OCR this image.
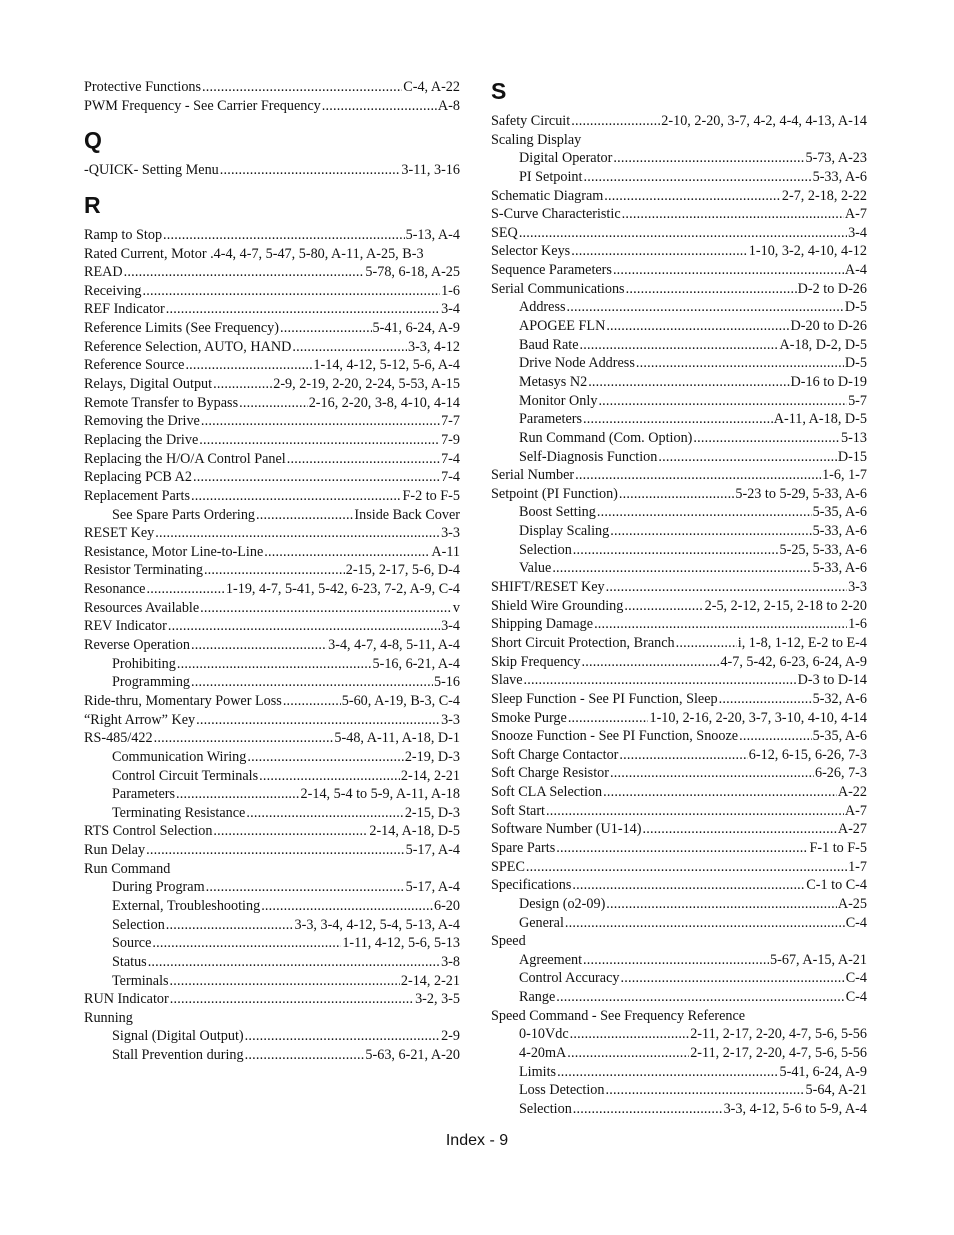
Protective Functions .....	C-4, A-22
PWM Frequency - See Carrier Frequency .....	A-8
Q
-QUICK- Setting Menu .....	3-11, 3-16
R
Ramp to Stop .....	5-13, A-4
Rated Current, Motor .4-4, 4-7, 5-47, 5-80, A-11, A-25, B-3
READ .....	5-78, 6-18, A-25
Receiving .....	1-6
REF Indicator .....	3-4
Reference Limits (See Frequency) .....	5-41, 6-24, A-9
Reference Selection, AUTO, HAND .....	3-3, 4-12
Reference Source .....	1-14, 4-12, 5-12, 5-6, A-4
Relays, Digital Output .....	2-9, 2-19, 2-20, 2-24, 5-53, A-15
Remote Transfer to Bypass .....	2-16, 2-20, 3-8, 4-10, 4-14
Removing the Drive .....	7-7
Replacing the Drive .....	7-9
Replacing the H/O/A Control Panel .....	7-4
Replacing PCB A2 .....	7-4
Replacement Parts .....	F-2 to F-5
See Spare Parts Ordering .....	Inside Back Cover
RESET Key .....	3-3
Resistance, Motor Line-to-Line .....	A-11
Resistor Terminating .....	2-15, 2-17, 5-6, D-4
Resonance .....	1-19, 4-7, 5-41, 5-42, 6-23, 7-2, A-9, C-4
Resources Available .....	v
REV Indicator .....	3-4
Reverse Operation .....	3-4, 4-7, 4-8, 5-11, A-4
Prohibiting .....	5-16, 6-21, A-4
Programming .....	5-16
Ride-thru, Momentary Power Loss .....	5-60, A-19, B-3, C-4
“Right Arrow” Key .....	3-3
RS-485/422 .....	5-48, A-11, A-18, D-1
Communication Wiring .....	2-19, D-3
Control Circuit Terminals .....	2-14, 2-21
Parameters .....	2-14, 5-4 to 5-9, A-11, A-18
Terminating Resistance .....	2-15, D-3
RTS Control Selection .....	2-14, A-18, D-5
Run Delay .....	5-17, A-4
Run Command
During Program .....	5-17, A-4
External, Troubleshooting .....	6-20
Selection .....	3-3, 3-4, 4-12, 5-4, 5-13, A-4
Source .....	1-11, 4-12, 5-6, 5-13
Status .....	3-8
Terminals .....	2-14, 2-21
RUN Indicator .....	3-2, 3-5
Running
Signal (Digital Output) .....	2-9
Stall Prevention during .....	5-63, 6-21, A-20
S
Safety Circuit .....	2-10, 2-20, 3-7, 4-2, 4-4, 4-13, A-14
Scaling Display
Digital Operator .....	5-73, A-23
PI Setpoint .....	5-33, A-6
Schematic Diagram .....	2-7, 2-18, 2-22
S-Curve Characteristic .....	A-7
SEQ .....	3-4
Selector Keys .....	1-10, 3-2, 4-10, 4-12
Sequence Parameters .....	A-4
Serial Communications .....	D-2 to D-26
Address .....	D-5
APOGEE FLN .....	D-20 to D-26
Baud Rate .....	A-18, D-2, D-5
Drive Node Address .....	D-5
Metasys N2 .....	D-16 to D-19
Monitor Only .....	5-7
Parameters .....	A-11, A-18, D-5
Run Command (Com. Option) .....	5-13
Self-Diagnosis Function .....	D-15
Serial Number .....	1-6, 1-7
Setpoint (PI Function) .....	5-23 to 5-29, 5-33, A-6
Boost Setting .....	5-35, A-6
Display Scaling .....	5-33, A-6
Selection .....	5-25, 5-33, A-6
Value .....	5-33, A-6
SHIFT/RESET Key .....	3-3
Shield Wire Grounding .....	2-5, 2-12, 2-15, 2-18 to 2-20
Shipping Damage .....	1-6
Short Circuit Protection, Branch .....	i, 1-8, 1-12, E-2 to E-4
Skip Frequency .....	4-7, 5-42, 6-23, 6-24, A-9
Slave .....	D-3 to D-14
Sleep Function - See PI Function, Sleep .....	5-32, A-6
Smoke Purge .....	1-10, 2-16, 2-20, 3-7, 3-10, 4-10, 4-14
Snooze Function - See PI Function, Snooze .....	5-35, A-6
Soft Charge Contactor .....	6-12, 6-15, 6-26, 7-3
Soft Charge Resistor .....	6-26, 7-3
Soft CLA Selection .....	A-22
Soft Start .....	A-7
Software Number (U1-14) .....	A-27
Spare Parts .....	F-1 to F-5
SPEC .....	1-7
Specifications .....	C-1 to C-4
Design (o2-09) .....	A-25
General .....	C-4
Speed
Agreement .....	5-67, A-15, A-21
Control Accuracy .....	C-4
Range .....	C-4
Speed Command - See Frequency Reference
0-10Vdc .....	2-11, 2-17, 2-20, 4-7, 5-6, 5-56
4-20mA .....	2-11, 2-17, 2-20, 4-7, 5-6, 5-56
Limits .....	5-41, 6-24, A-9
Loss Detection .....	5-64, A-21
Selection .....	3-3, 4-12, 5-6 to 5-9, A-4
Index - 9
